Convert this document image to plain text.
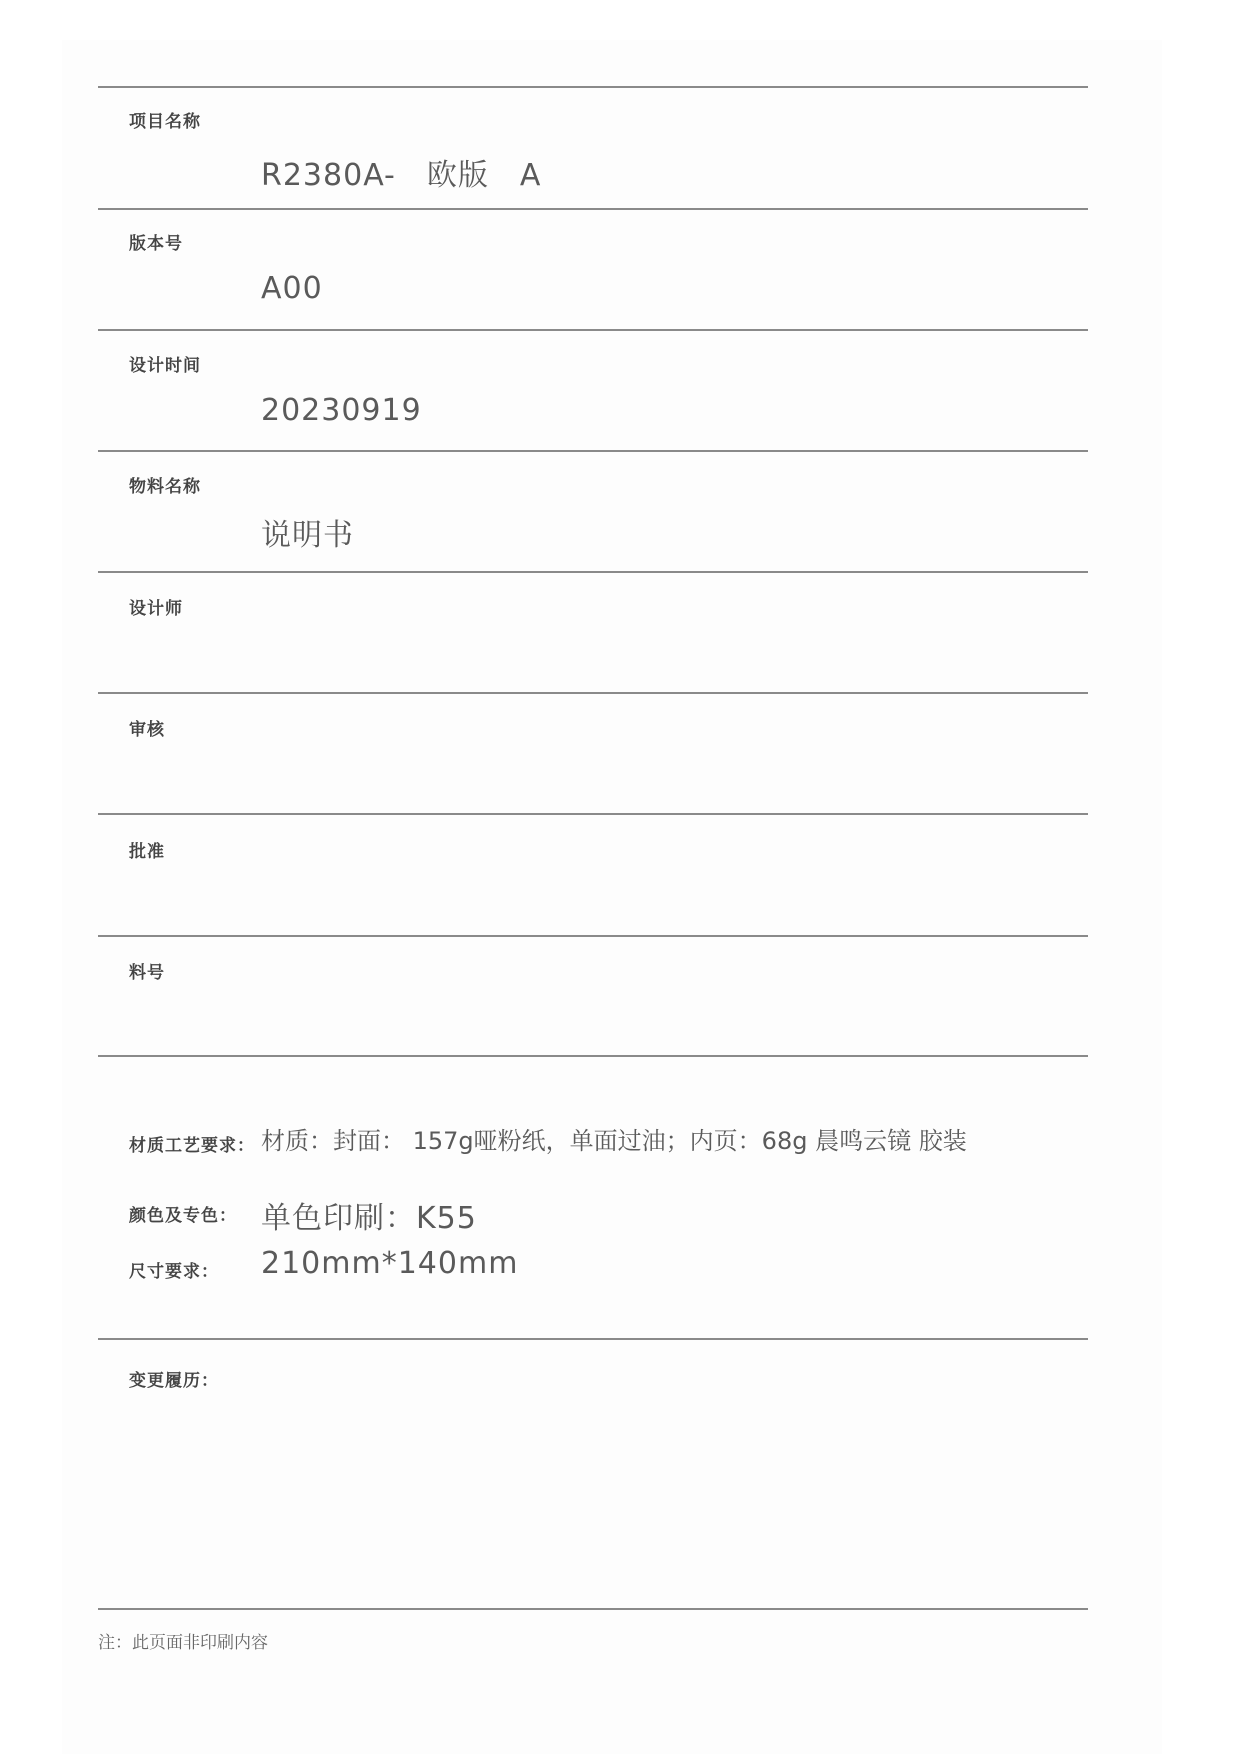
项目名称
R2380A-　欧版　A
版本号
A00
设计时间
20230919
物料名称
说明书
设计师
审核
批准
料号
材质工艺要求： 材质：封面： 157g哑粉纸，单面过油；内页：68g 晨鸣云镜 胶装
颜色及专色： 单色印刷：K55
尺寸要求： 210mm*140mm
变更履历：
注：此页面非印刷内容
